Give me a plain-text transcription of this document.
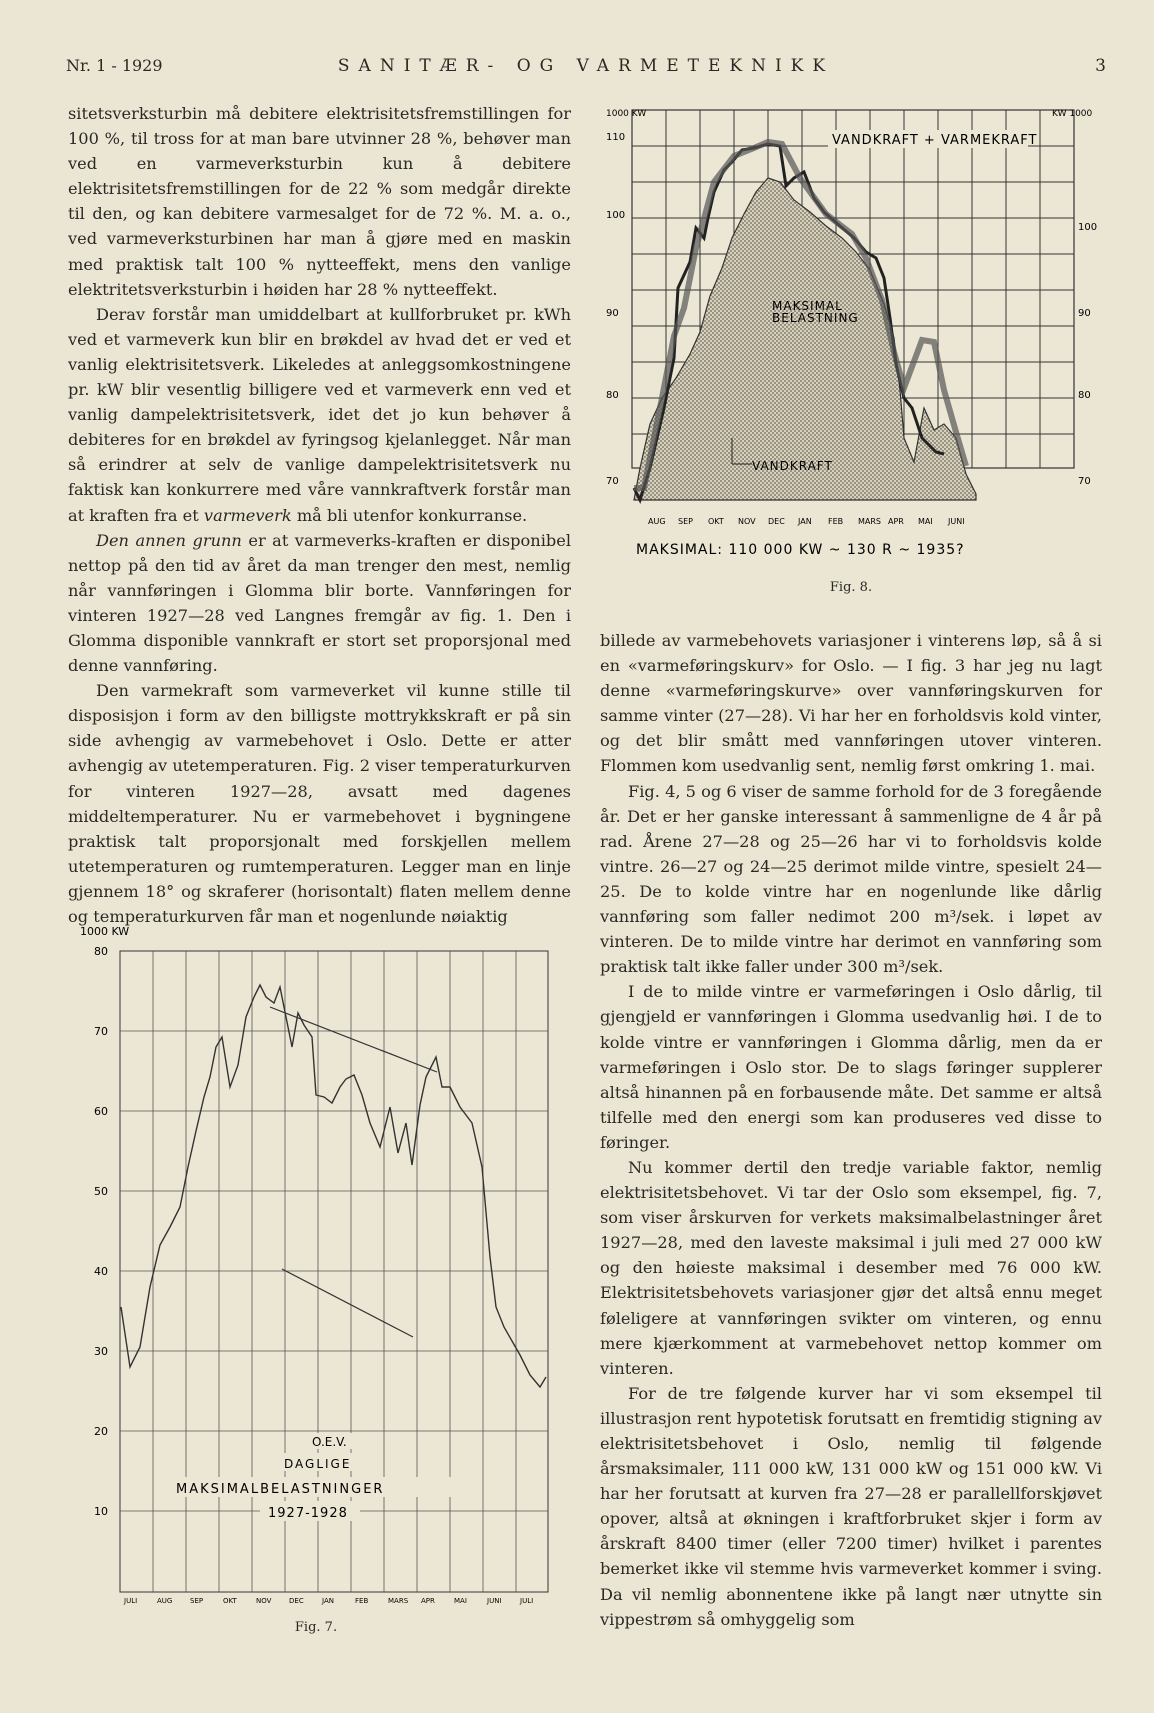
Nr. 1 - 1929	SANITÆR- OG VARMETEKNIKK	3

sitetsverksturbin må debitere elektrisitetsfremstillingen for 100 %, til tross for at man bare utvinner 28 %, behøver man ved en varmeverksturbin kun å debitere elektrisitetsfremstillingen for de 22 % som medgår direkte til den, og kan debitere varmesalget for de 72 %. M. a. o., ved varmeverksturbinen har man å gjøre med en maskin med praktisk talt 100 % nytteeffekt, mens den vanlige elektritetsverksturbin i høiden har 28 % nytteeffekt.

Derav forstår man umiddelbart at kullforbruket pr. kWh ved et varmeverk kun blir en brøkdel av hvad det er ved et vanlig elektrisitetsverk. Likeledes at anleggsomkostningene pr. kW blir vesentlig billigere ved et varmeverk enn ved et vanlig dampelektrisitetsverk, idet det jo kun behøver å debiteres for en brøkdel av fyringsog kjelanlegget. Når man så erindrer at selv de vanlige dampelektrisitetsverk nu faktisk kan konkurrere med våre vannkraftverk forstår man at kraften fra et varmeverk må bli utenfor konkurranse.

Den annen grunn er at varmeverks-kraften er disponibel nettop på den tid av året da man trenger den mest, nemlig når vannføringen i Glomma blir borte. Vannføringen for vinteren 1927—28 ved Langnes fremgår av fig. 1. Den i Glomma disponible vannkraft er stort set proporsjonal med denne vannføring.

Den varmekraft som varmeverket vil kunne stille til disposisjon i form av den billigste mottrykkskraft er på sin side avhengig av varmebehovet i Oslo. Dette er atter avhengig av utetemperaturen. Fig. 2 viser temperaturkurven for vinteren 1927—28, avsatt med dagenes middeltemperaturer. Nu er varmebehovet i bygningene praktisk talt proporsjonalt med forskjellen mellem utetemperaturen og rumtemperaturen. Legger man en linje gjennem 18° og skraferer (horisontalt) flaten mellem denne og temperaturkurven får man et nogenlunde nøiaktig

1000 KW	KW 1000
110
100
90
80
70
100
90
80
70
VANDKRAFT + VARMEKRAFT
MAKSIMAL
BELASTNING
VANDKRAFT
AUG SEP OKT NOV DEC JAN FEB MARS APR MAI JUNI
MAKSIMAL: 110 000 KW ~ 130 R ~ 1935?
Fig. 8.

billede av varmebehovets variasjoner i vinterens løp, så å si en «varmeføringskurv» for Oslo. — I fig. 3 har jeg nu lagt denne «varmeføringskurve» over vannføringskurven for samme vinter (27—28). Vi har her en forholdsvis kold vinter, og det blir smått med vannføringen utover vinteren. Flommen kom usedvanlig sent, nemlig først omkring 1. mai.

Fig. 4, 5 og 6 viser de samme forhold for de 3 foregående år. Det er her ganske interessant å sammenligne de 4 år på rad. Årene 27—28 og 25—26 har vi to forholdsvis kolde vintre. 26—27 og 24—25 derimot milde vintre, spesielt 24—25. De to kolde vintre har en nogenlunde like dårlig vannføring som faller nedimot 200 m³/sek. i løpet av vinteren. De to milde vintre har derimot en vannføring som praktisk talt ikke faller under 300 m³/sek.

I de to milde vintre er varmeføringen i Oslo dårlig, til gjengjeld er vannføringen i Glomma usedvanlig høi. I de to kolde vintre er vannføringen i Glomma dårlig, men da er varmeføringen i Oslo stor. De to slags føringer supplerer altså hinannen på en forbausende måte. Det samme er altså tilfelle med den energi som kan produseres ved disse to føringer.

Nu kommer dertil den tredje variable faktor, nemlig elektrisitetsbehovet. Vi tar der Oslo som eksempel, fig. 7, som viser årskurven for verkets maksimalbelastninger året 1927—28, med den laveste maksimal i juli med 27 000 kW og den høieste maksimal i desember med 76 000 kW. Elektrisitetsbehovets variasjoner gjør det altså ennu meget føleligere at vannføringen svikter om vinteren, og ennu mere kjærkomment at varmebehovet nettop kommer om vinteren.

For de tre følgende kurver har vi som eksempel til illustrasjon rent hypotetisk forutsatt en fremtidig stigning av elektrisitetsbehovet i Oslo, nemlig til følgende årsmaksimaler, 111 000 kW, 131 000 kW og 151 000 kW. Vi har her forutsatt at kurven fra 27—28 er parallellforskjøvet opover, altså at økningen i kraftforbruket skjer i form av årskraft 8400 timer (eller 7200 timer) hvilket i parentes bemerket ikke vil stemme hvis varmeverket kommer i sving. Da vil nemlig abonnentene ikke på langt nær utnytte sin vippestrøm så omhyggelig som

1000 KW
80
70
60
50
40
30
20
10
O.E.V.
DAGLIGE
MAKSIMALBELASTNINGER
1927-1928
JULI	AUG	SEP	OKT	NOV	DEC	JAN	FEB	MARS APR	MAI	JUNI	JULI
Fig. 7.
